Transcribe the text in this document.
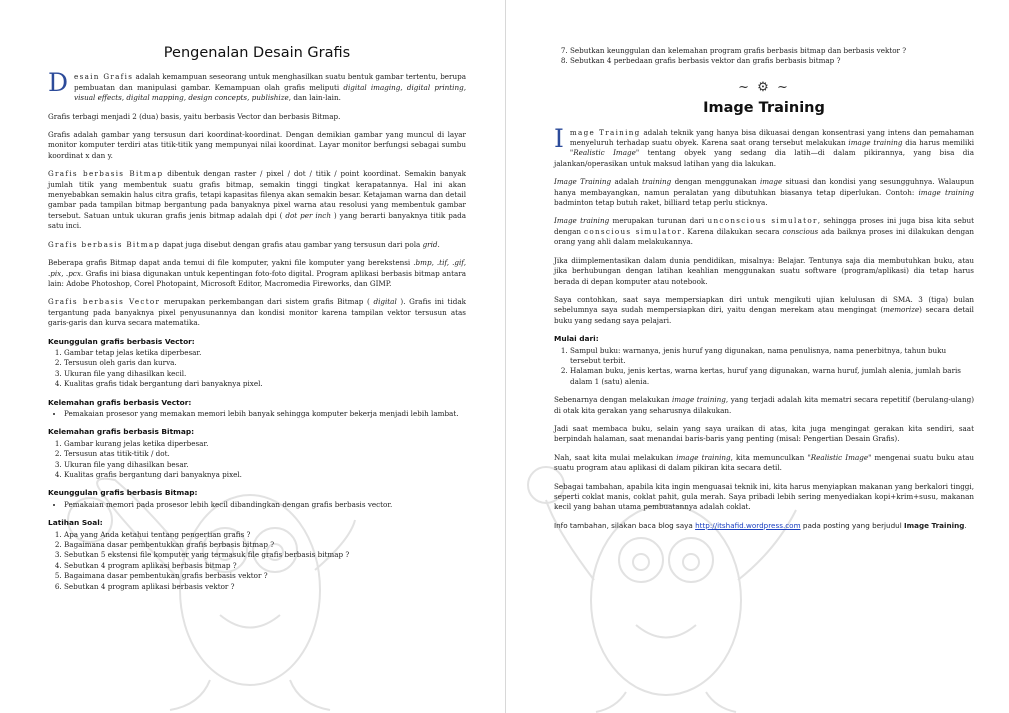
Pengenalan Desain Grafis

Desain Grafis adalah kemampuan seseorang untuk menghasilkan suatu bentuk gambar tertentu, berupa pembuatan dan manipulasi gambar. Kemampuan olah grafis meliputi digital imaging, digital printing, visual effects, digital mapping, design concepts, publishize, dan lain-lain.

Grafis terbagi menjadi 2 (dua) basis, yaitu berbasis Vector dan berbasis Bitmap.

Grafis adalah gambar yang tersusun dari koordinat-koordinat. Dengan demikian gambar yang muncul di layar monitor komputer terdiri atas titik-titik yang mempunyai nilai koordinat. Layar monitor berfungsi sebagai sumbu koordinat x dan y.

Grafis berbasis Bitmap dibentuk dengan raster / pixel / dot / titik / point koordinat. Semakin banyak jumlah titik yang membentuk suatu grafis bitmap, semakin tinggi tingkat kerapatannya. Hal ini akan menyebabkan semakin halus citra grafis, tetapi kapasitas filenya akan semakin besar. Ketajaman warna dan detail gambar pada tampilan bitmap bergantung pada banyaknya pixel warna atau resolusi yang membentuk gambar tersebut. Satuan untuk ukuran grafis jenis bitmap adalah dpi ( dot per inch ) yang berarti banyaknya titik pada satu inci.

Grafis berbasis Bitmap dapat juga disebut dengan grafis atau gambar yang tersusun dari pola grid.

Beberapa grafis Bitmap dapat anda temui di file komputer, yakni file komputer yang berekstensi .bmp, .tif, .gif, .pix, .pcx. Grafis ini biasa digunakan untuk kepentingan foto-foto digital. Program aplikasi berbasis bitmap antara lain: Adobe Photoshop, Corel Photopaint, Microsoft Editor, Macromedia Fireworks, dan GIMP.

Grafis berbasis Vector merupakan perkembangan dari sistem grafis Bitmap ( digital ). Grafis ini tidak tergantung pada banyaknya pixel penyusunannya dan kondisi monitor karena tampilan vektor tersusun atas garis-garis dan kurva secara matematika.

Keunggulan grafis berbasis Vector:
1. Gambar tetap jelas ketika diperbesar.
2. Tersusun oleh garis dan kurva.
3. Ukuran file yang dihasilkan kecil.
4. Kualitas grafis tidak bergantung dari banyaknya pixel.
Kelemahan grafis berbasis Vector:
• Pemakaian prosesor yang memakan memori lebih banyak sehingga komputer bekerja menjadi lebih lambat.
Kelemahan grafis berbasis Bitmap:
1. Gambar kurang jelas ketika diperbesar.
2. Tersusun atas titik-titik / dot.
3. Ukuran file yang dihasilkan besar.
4. Kualitas grafis bergantung dari banyaknya pixel.
Keunggulan grafis berbasis Bitmap:
• Pemakaian memori pada prosesor lebih kecil dibandingkan dengan grafis berbasis vector.
Latihan Soal:
1. Apa yang Anda ketahui tentang pengertian grafis ?
2. Bagaimana dasar pembentukkan grafis berbasis bitmap ?
3. Sebutkan 5 ekstensi file komputer yang termasuk file grafis berbasis bitmap ?
4. Sebutkan 4 program aplikasi berbasis bitmap ?
5. Bagaimana dasar pembentukan grafis berbasis vektor ?
6. Sebutkan 4 program aplikasi berbasis vektor ?
7. Sebutkan keunggulan dan kelemahan program grafis berbasis bitmap dan berbasis vektor ?
8. Sebutkan 4 perbedaan grafis berbasis vektor dan grafis berbasis bitmap ?
~ ⚙ ~
Image Training

Image Training adalah teknik yang hanya bisa dikuasai dengan konsentrasi yang intens dan pemahaman menyeluruh terhadap suatu obyek. Karena saat orang tersebut melakukan image training dia harus memiliki "Realistic Image" tentang obyek yang sedang dia latih—di dalam pikirannya, yang bisa dia jalankan/operasikan untuk maksud latihan yang dia lakukan.

Image Training adalah training dengan menggunakan image situasi dan kondisi yang sesungguhnya. Walaupun hanya membayangkan, namun peralatan yang dibutuhkan biasanya tetap diperlukan. Contoh: image training badminton tetap butuh raket, billiard tetap perlu sticknya.

Image training merupakan turunan dari unconscious simulator, sehingga proses ini juga bisa kita sebut dengan conscious simulator. Karena dilakukan secara conscious ada baiknya proses ini dilakukan dengan orang yang ahli dalam melakukannya.

Jika diimplementasikan dalam dunia pendidikan, misalnya: Belajar. Tentunya saja dia membutuhkan buku, atau jika berhubungan dengan latihan keahlian menggunakan suatu software (program/aplikasi) dia tetap harus berada di depan komputer atau notebook.

Saya contohkan, saat saya mempersiapkan diri untuk mengikuti ujian kelulusan di SMA. 3 (tiga) bulan sebelumnya saya sudah mempersiapkan diri, yaitu dengan merekam atau mengingat (memorize) secara detail buku yang sedang saya pelajari.

Mulai dari:
1. Sampul buku: warnanya, jenis huruf yang digunakan, nama penulisnya, nama penerbitnya, tahun buku tersebut terbit.
2. Halaman buku, jenis kertas, warna kertas, huruf yang digunakan, warna huruf, jumlah alenia, jumlah baris dalam 1 (satu) alenia.

Sebenarnya dengan melakukan image training, yang terjadi adalah kita mematri secara repetitif (berulang-ulang) di otak kita gerakan yang seharusnya dilakukan.

Jadi saat membaca buku, selain yang saya uraikan di atas, kita juga mengingat gerakan kita sendiri, saat berpindah halaman, saat menandai baris-baris yang penting (misal: Pengertian Desain Grafis).

Nah, saat kita mulai melakukan image training, kita memunculkan "Realistic Image" mengenai suatu buku atau suatu program atau aplikasi di dalam pikiran kita secara detil.

Sebagai tambahan, apabila kita ingin menguasai teknik ini, kita harus menyiapkan makanan yang berkalori tinggi, seperti coklat manis, coklat pahit, gula merah. Saya pribadi lebih sering menyediakan kopi+krim+susu, makanan kecil yang bahan utama pembuatannya adalah coklat.

Info tambahan, silakan baca blog saya http://itshafid.wordpress.com pada posting yang berjudul Image Training.
